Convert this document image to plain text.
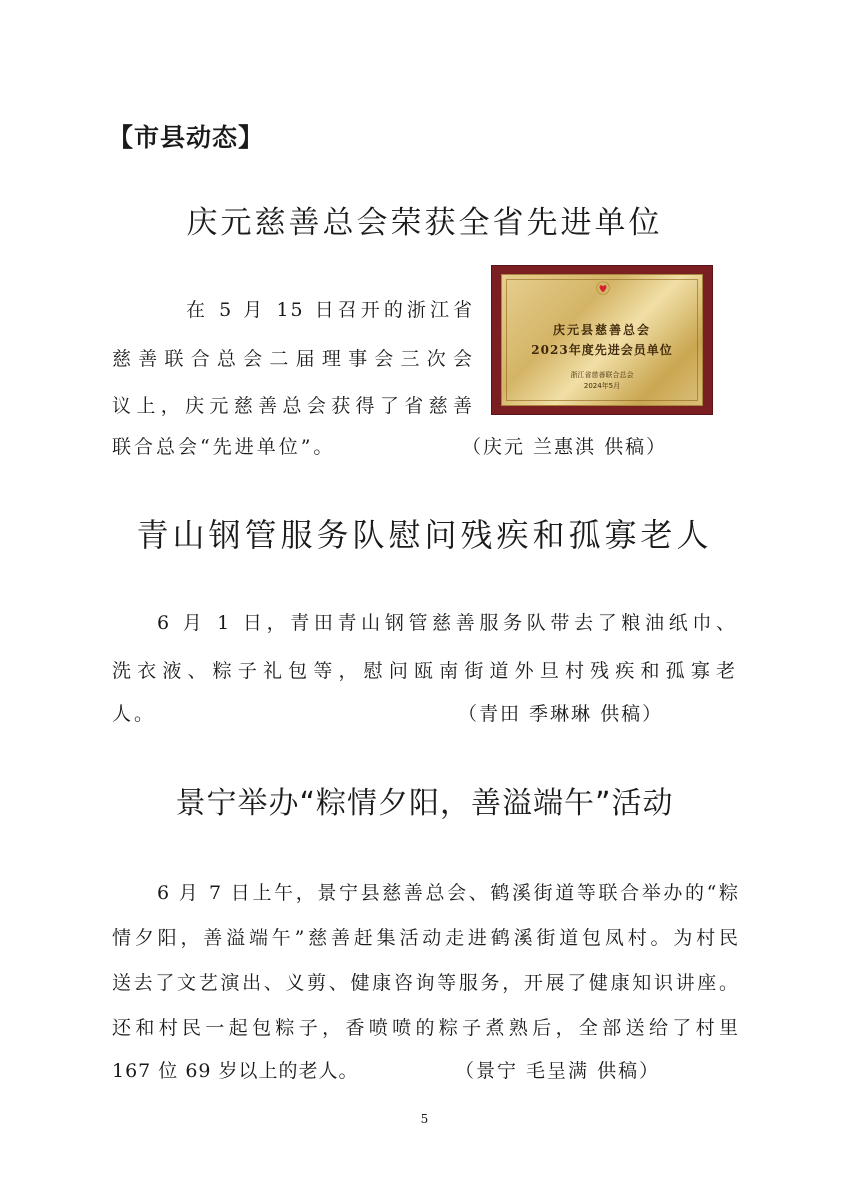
【市县动态】
庆元慈善总会荣获全省先进单位
在 5 月 15 日召开的浙江省
慈善联合总会二届理事会三次会
议上，庆元慈善总会获得了省慈善
联合总会“先进单位”。	（庆元 兰惠淇 供稿）
庆元县慈善总会
2023年度先进会员单位
浙江省慈善联合总会
2024年5月
青山钢管服务队慰问残疾和孤寡老人
6 月 1 日，青田青山钢管慈善服务队带去了粮油纸巾、
洗衣液、粽子礼包等，慰问瓯南街道外旦村残疾和孤寡老
人。	（青田 季琳琳 供稿）
景宁举办“粽情夕阳，善溢端午”活动
6 月 7 日上午，景宁县慈善总会、鹤溪街道等联合举办的“粽
情夕阳，善溢端午”慈善赶集活动走进鹤溪街道包凤村。为村民
送去了文艺演出、义剪、健康咨询等服务，开展了健康知识讲座。
还和村民一起包粽子，香喷喷的粽子煮熟后，全部送给了村里
167 位 69 岁以上的老人。	（景宁 毛呈满 供稿）
5
